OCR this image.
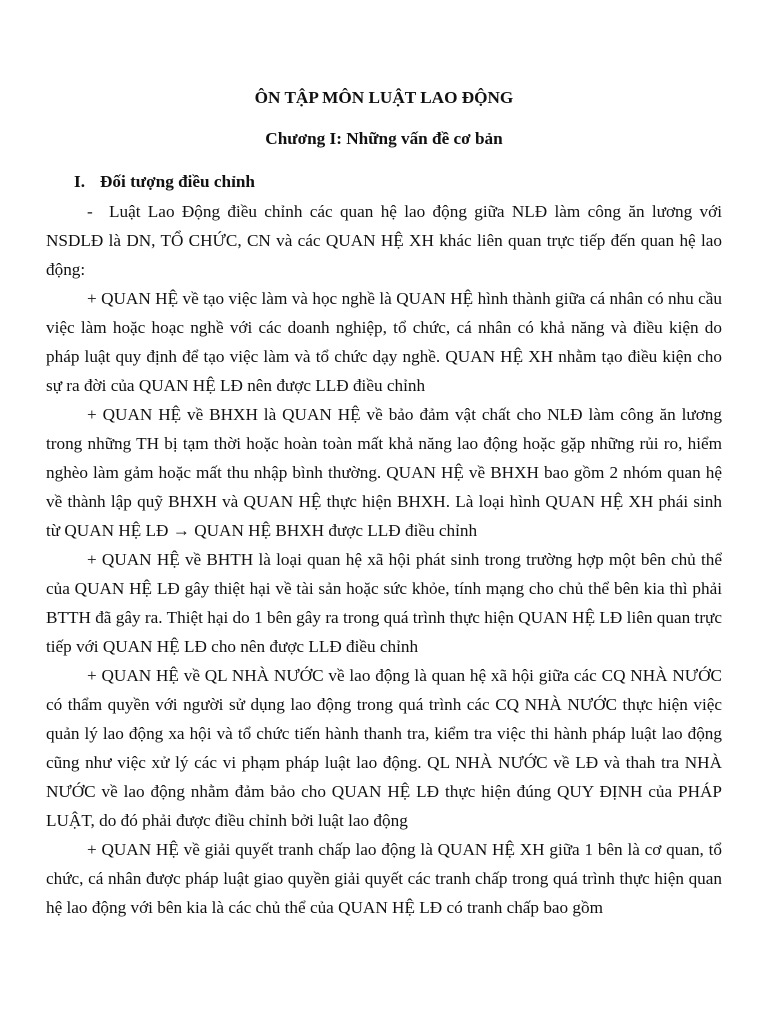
ÔN TẬP MÔN LUẬT LAO ĐỘNG

Chương I: Những vấn đề cơ bản

I. Đối tượng điều chỉnh

- Luật Lao Động điều chỉnh các quan hệ lao động giữa NLĐ làm công ăn lương với NSDLĐ là DN, TỔ CHỨC, CN và các QUAN HỆ XH khác liên quan trực tiếp đến quan hệ lao động:

+ QUAN HỆ về tạo việc làm và học nghề là QUAN HỆ hình thành giữa cá nhân có nhu cầu việc làm hoặc hoạc nghề với các doanh nghiệp, tổ chức, cá nhân có khả năng và điều kiện do pháp luật quy định để tạo việc làm và tổ chức dạy nghề. QUAN HỆ XH nhằm tạo điều kiện cho sự ra đời của QUAN HỆ LĐ nên được LLĐ điều chỉnh

+ QUAN HỆ về BHXH là QUAN HỆ về bảo đảm vật chất cho NLĐ làm công ăn lương trong những TH bị tạm thời hoặc hoàn toàn mất khả năng lao động hoặc gặp những rủi ro, hiểm nghèo làm gảm hoặc mất thu nhập bình thường. QUAN HỆ về BHXH bao gồm 2 nhóm quan hệ về thành lập quỹ BHXH và QUAN HỆ thực hiện BHXH. Là loại hình QUAN HỆ XH phái sinh từ QUAN HỆ LĐ → QUAN HỆ BHXH được LLĐ điều chỉnh

+ QUAN HỆ về BHTH là loại quan hệ xã hội phát sinh trong trường hợp một bên chủ thể của QUAN HỆ LĐ gây thiệt hại về tài sản hoặc sức khỏe, tính mạng cho chủ thể bên kia thì phải BTTH đã gây ra. Thiệt hại do 1 bên gây ra trong quá trình thực hiện QUAN HỆ LĐ liên quan trực tiếp với QUAN HỆ LĐ cho nên được LLĐ điều chỉnh

+ QUAN HỆ về QL NHÀ NƯỚC về lao động là quan hệ xã hội giữa các CQ NHÀ NƯỚC có thẩm quyền với người sử dụng lao động trong quá trình các CQ NHÀ NƯỚC thực hiện việc quản lý lao động xa hội và tổ chức tiến hành thanh tra, kiểm tra việc thi hành pháp luật lao động cũng như việc xử lý các vi phạm pháp luật lao động. QL NHÀ NƯỚC về LĐ và thah tra NHÀ NƯỚC về lao động nhằm đảm bảo cho QUAN HỆ LĐ thực hiện đúng QUY ĐỊNH của PHÁP LUẬT, do đó phải được điều chỉnh bởi luật lao động

+ QUAN HỆ về giải quyết tranh chấp lao động là QUAN HỆ XH giữa 1 bên là cơ quan, tổ chức, cá nhân được pháp luật giao quyền giải quyết các tranh chấp trong quá trình thực hiện quan hệ lao động với bên kia là các chủ thể của QUAN HỆ LĐ có tranh chấp bao gồm
